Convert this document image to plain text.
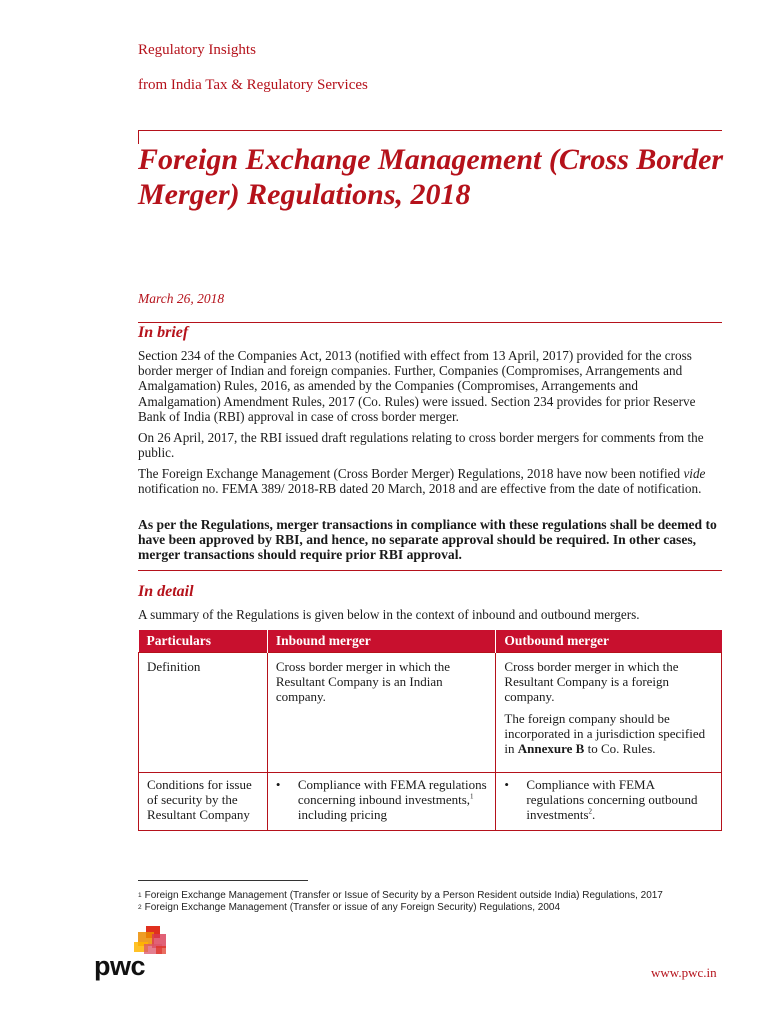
Regulatory Insights
from India Tax & Regulatory Services
Foreign Exchange Management (Cross Border Merger) Regulations, 2018
March 26, 2018
In brief

Section 234 of the Companies Act, 2013 (notified with effect from 13 April, 2017) provided for the cross border merger of Indian and foreign companies. Further, Companies (Compromises, Arrangements and Amalgamation) Rules, 2016, as amended by the Companies (Compromises, Arrangements and Amalgamation) Amendment Rules, 2017 (Co. Rules) were issued. Section 234 provides for prior Reserve Bank of India (RBI) approval in case of cross border merger.

On 26 April, 2017, the RBI issued draft regulations relating to cross border mergers for comments from the public.

The Foreign Exchange Management (Cross Border Merger) Regulations, 2018 have now been notified vide notification no. FEMA 389/ 2018-RB dated 20 March, 2018 and are effective from the date of notification.

As per the Regulations, merger transactions in compliance with these regulations shall be deemed to have been approved by RBI, and hence, no separate approval should be required. In other cases, merger transactions should require prior RBI approval.

In detail

A summary of the Regulations is given below in the context of inbound and outbound mergers.

Particulars	Inbound merger	Outbound merger
Definition	Cross border merger in which the Resultant Company is an Indian company.	Cross border merger in which the Resultant Company is a foreign company.

The foreign company should be incorporated in a jurisdiction specified in Annexure B to Co. Rules.

Conditions for issue of security by the Resultant Company	• Compliance with FEMA regulations concerning inbound investments,$^1$ including pricing	• Compliance with FEMA regulations concerning outbound investments$^2$.
1 Foreign Exchange Management (Transfer or Issue of Security by a Person Resident outside India) Regulations, 2017
2 Foreign Exchange Management (Transfer or issue of any Foreign Security) Regulations, 2004
pwc	www.pwc.in
